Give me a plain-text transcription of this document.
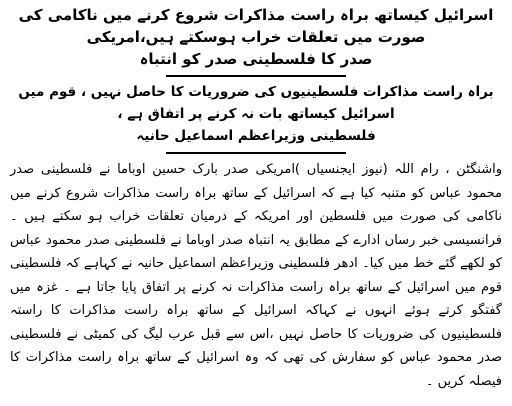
اسرائیل کیساتھ براہ راست مذاکرات شروع کرنے میں ناکامی کی صورت میں تعلقات خراب ہوسکتے ہیں،امریکی
صدر کا فلسطینی صدر کو انتباہ
براہ راست مذاکرات فلسطینیوں کی ضروریات کا حاصل نہیں ، قوم میں اسرائیل کیساتھ بات نہ کرنے پر اتفاق ہے ،
فلسطینی وزیراعظم اسماعیل حانیہ

واشنگٹن ، رام اللہ (نیوز ایجنسیاں )امریکی صدر بارک حسین اوباما نے فلسطینی صدر محمود عباس کو متنبہ کیا ہے کہ اسرائیل کے ساتھ براہ راست مذاکرات شروع کرنے میں ناکامی کی صورت میں فلسطین اور امریکہ کے درمیان تعلقات خراب ہو سکتے ہیں ۔ فرانسیسی خبر رساں ادارے کے مطابق یہ انتباہ صدر اوباما نے فلسطینی صدر محمود عباس کو لکھے گئے خط میں کیا۔ ادھر فلسطینی وزیراعظم اسماعیل حانیہ نے کہاہے کہ فلسطینی قوم میں اسرائیل کے ساتھ براہ راست مذاکرات نہ کرنے پر اتفاق پایا جاتا ہے ۔ غزہ میں گفتگو کرتے ہوئے انہوں نے کہاکہ اسرائیل کے ساتھ براہ راست مذاکرات کا راستہ فلسطینیوں کی ضروریات کا حاصل نہیں ،اس سے قبل عرب لیگ کی کمیٹی نے فلسطینی صدر محمود عباس کو سفارش کی تھی کہ وہ اسرائیل کے ساتھ براہ راست مذاکرات کا فیصلہ کریں ۔
